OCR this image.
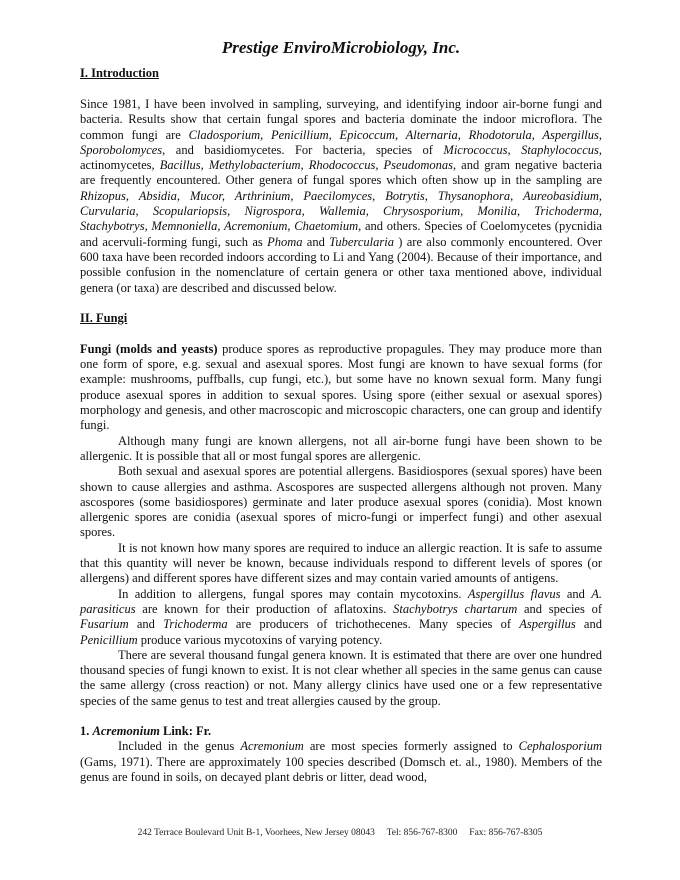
Prestige EnviroMicrobiology, Inc.
I. Introduction

Since 1981, I have been involved in sampling, surveying, and identifying indoor air-borne fungi and bacteria. Results show that certain fungal spores and bacteria dominate the indoor microflora. The common fungi are Cladosporium, Penicillium, Epicoccum, Alternaria, Rhodotorula, Aspergillus, Sporobolomyces, and basidiomycetes. For bacteria, species of Micrococcus, Staphylococcus, actinomycetes, Bacillus, Methylobacterium, Rhodococcus, Pseudomonas, and gram negative bacteria are frequently encountered. Other genera of fungal spores which often show up in the sampling are Rhizopus, Absidia, Mucor, Arthrinium, Paecilomyces, Botrytis, Thysanophora, Aureobasidium, Curvularia, Scopulariopsis, Nigrospora, Wallemia, Chrysosporium, Monilia, Trichoderma, Stachybotrys, Memnoniella, Acremonium, Chaetomium, and others. Species of Coelomycetes (pycnidia and acervuli-forming fungi, such as Phoma and Tubercularia ) are also commonly encountered. Over 600 taxa have been recorded indoors according to Li and Yang (2004). Because of their importance, and possible confusion in the nomenclature of certain genera or other taxa mentioned above, individual genera (or taxa) are described and discussed below.

II. Fungi

Fungi (molds and yeasts) produce spores as reproductive propagules. They may produce more than one form of spore, e.g. sexual and asexual spores. Most fungi are known to have sexual forms (for example: mushrooms, puffballs, cup fungi, etc.), but some have no known sexual form. Many fungi produce asexual spores in addition to sexual spores. Using spore (either sexual or asexual spores) morphology and genesis, and other macroscopic and microscopic characters, one can group and identify fungi.

Although many fungi are known allergens, not all air-borne fungi have been shown to be allergenic. It is possible that all or most fungal spores are allergenic.

Both sexual and asexual spores are potential allergens. Basidiospores (sexual spores) have been shown to cause allergies and asthma. Ascospores are suspected allergens although not proven. Many ascospores (some basidiospores) germinate and later produce asexual spores (conidia). Most known allergenic spores are conidia (asexual spores of micro-fungi or imperfect fungi) and other asexual spores.

It is not known how many spores are required to induce an allergic reaction. It is safe to assume that this quantity will never be known, because individuals respond to different levels of spores (or allergens) and different spores have different sizes and may contain varied amounts of antigens.

In addition to allergens, fungal spores may contain mycotoxins. Aspergillus flavus and A. parasiticus are known for their production of aflatoxins. Stachybotrys chartarum and species of Fusarium and Trichoderma are producers of trichothecenes. Many species of Aspergillus and Penicillium produce various mycotoxins of varying potency.

There are several thousand fungal genera known. It is estimated that there are over one hundred thousand species of fungi known to exist. It is not clear whether all species in the same genus can cause the same allergy (cross reaction) or not. Many allergy clinics have used one or a few representative species of the same genus to test and treat allergies caused by the group.

1. Acremonium Link: Fr.

Included in the genus Acremonium are most species formerly assigned to Cephalosporium (Gams, 1971). There are approximately 100 species described (Domsch et. al., 1980). Members of the genus are found in soils, on decayed plant debris or litter, dead wood,

242 Terrace Boulevard Unit B-1, Voorhees, New Jersey 08043     Tel: 856-767-8300     Fax: 856-767-8305
